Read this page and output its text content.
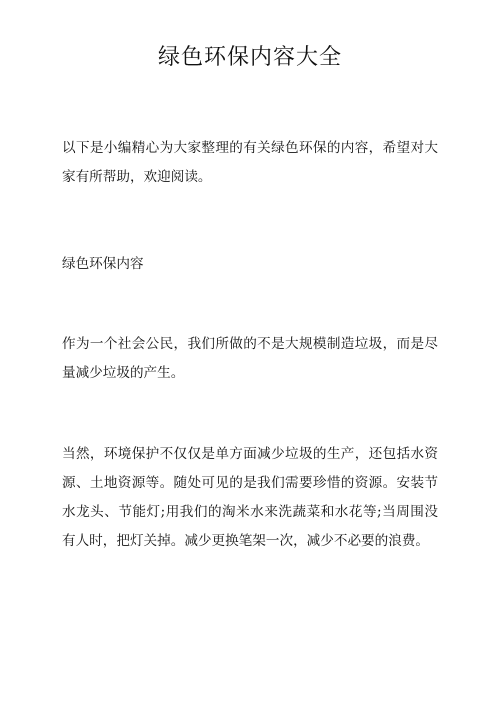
绿色环保内容大全

以下是小编精心为大家整理的有关绿色环保的内容，希望对大家有所帮助，欢迎阅读。

绿色环保内容

作为一个社会公民，我们所做的不是大规模制造垃圾，而是尽量减少垃圾的产生。

当然，环境保护不仅仅是单方面减少垃圾的生产，还包括水资源、土地资源等。随处可见的是我们需要珍惜的资源。安装节水龙头、节能灯;用我们的淘米水来洗蔬菜和水花等;当周围没有人时，把灯关掉。减少更换笔架一次，减少不必要的浪费。
